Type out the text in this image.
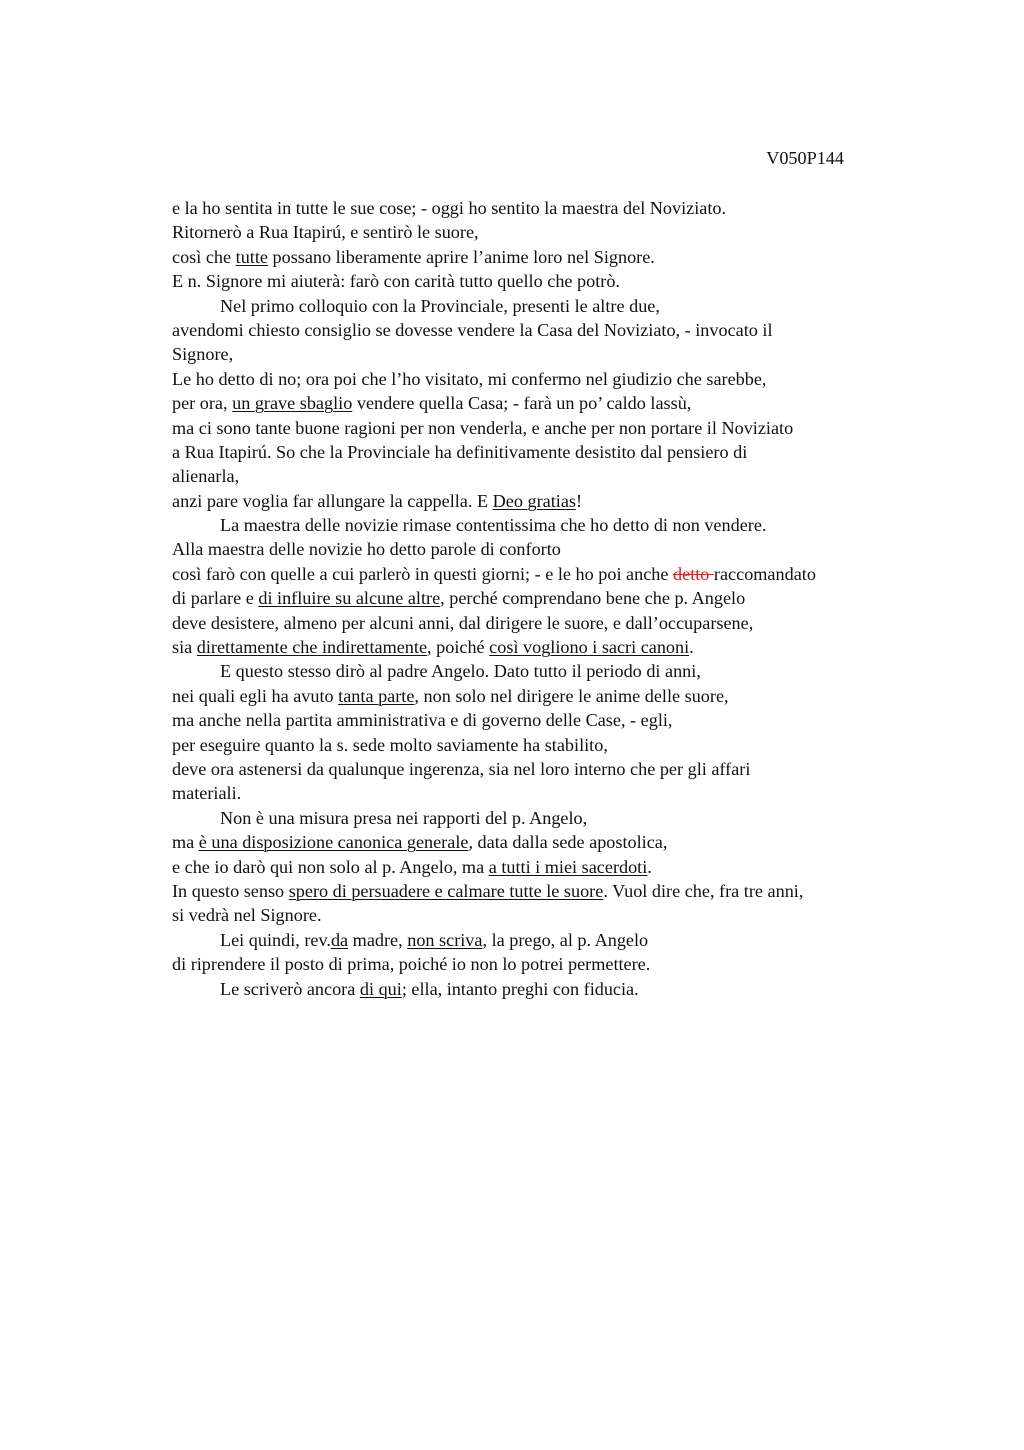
V050P144
e la ho sentita in tutte le sue cose; - oggi ho sentito la maestra del Noviziato.
Ritornerò a Rua Itapirú, e sentirò le suore,
così che tutte possano liberamente aprire l’anime loro nel Signore.
E n. Signore mi aiuterà: farò con carità tutto quello che potrò.
Nel primo colloquio con la Provinciale, presenti le altre due,
avendomi chiesto consiglio se dovesse vendere la Casa del Noviziato, - invocato il
Signore,
Le ho detto di no; ora poi che l’ho visitato, mi confermo nel giudizio che sarebbe,
per ora, un grave sbaglio vendere quella Casa; - farà un po’ caldo lassù,
ma ci sono tante buone ragioni per non venderla, e anche per non portare il Noviziato
a Rua Itapirú. So che la Provinciale ha definitivamente desistito dal pensiero di
alienarla,
anzi pare voglia far allungare la cappella. E Deo gratias!
La maestra delle novizie rimase contentissima che ho detto di non vendere.
Alla maestra delle novizie ho detto parole di conforto
così farò con quelle a cui parlerò in questi giorni; - e le ho poi anche detto raccomandato
di parlare e di influire su alcune altre, perché comprendano bene che p. Angelo
deve desistere, almeno per alcuni anni, dal dirigere le suore, e dall’occuparsene,
sia direttamente che indirettamente, poiché così vogliono i sacri canoni.
E questo stesso dirò al padre Angelo. Dato tutto il periodo di anni,
nei quali egli ha avuto tanta parte, non solo nel dirigere le anime delle suore,
ma anche nella partita amministrativa e di governo delle Case, - egli,
per eseguire quanto la s. sede molto saviamente ha stabilito,
deve ora astenersi da qualunque ingerenza, sia nel loro interno che per gli affari
materiali.
Non è una misura presa nei rapporti del p. Angelo,
ma è una disposizione canonica generale, data dalla sede apostolica,
e che io darò qui non solo al p. Angelo, ma a tutti i miei sacerdoti.
In questo senso spero di persuadere e calmare tutte le suore. Vuol dire che, fra tre anni,
si vedrà nel Signore.
Lei quindi, rev.da madre, non scriva, la prego, al p. Angelo
di riprendere il posto di prima, poiché io non lo potrei permettere.
Le scriverò ancora di qui; ella, intanto preghi con fiducia.
